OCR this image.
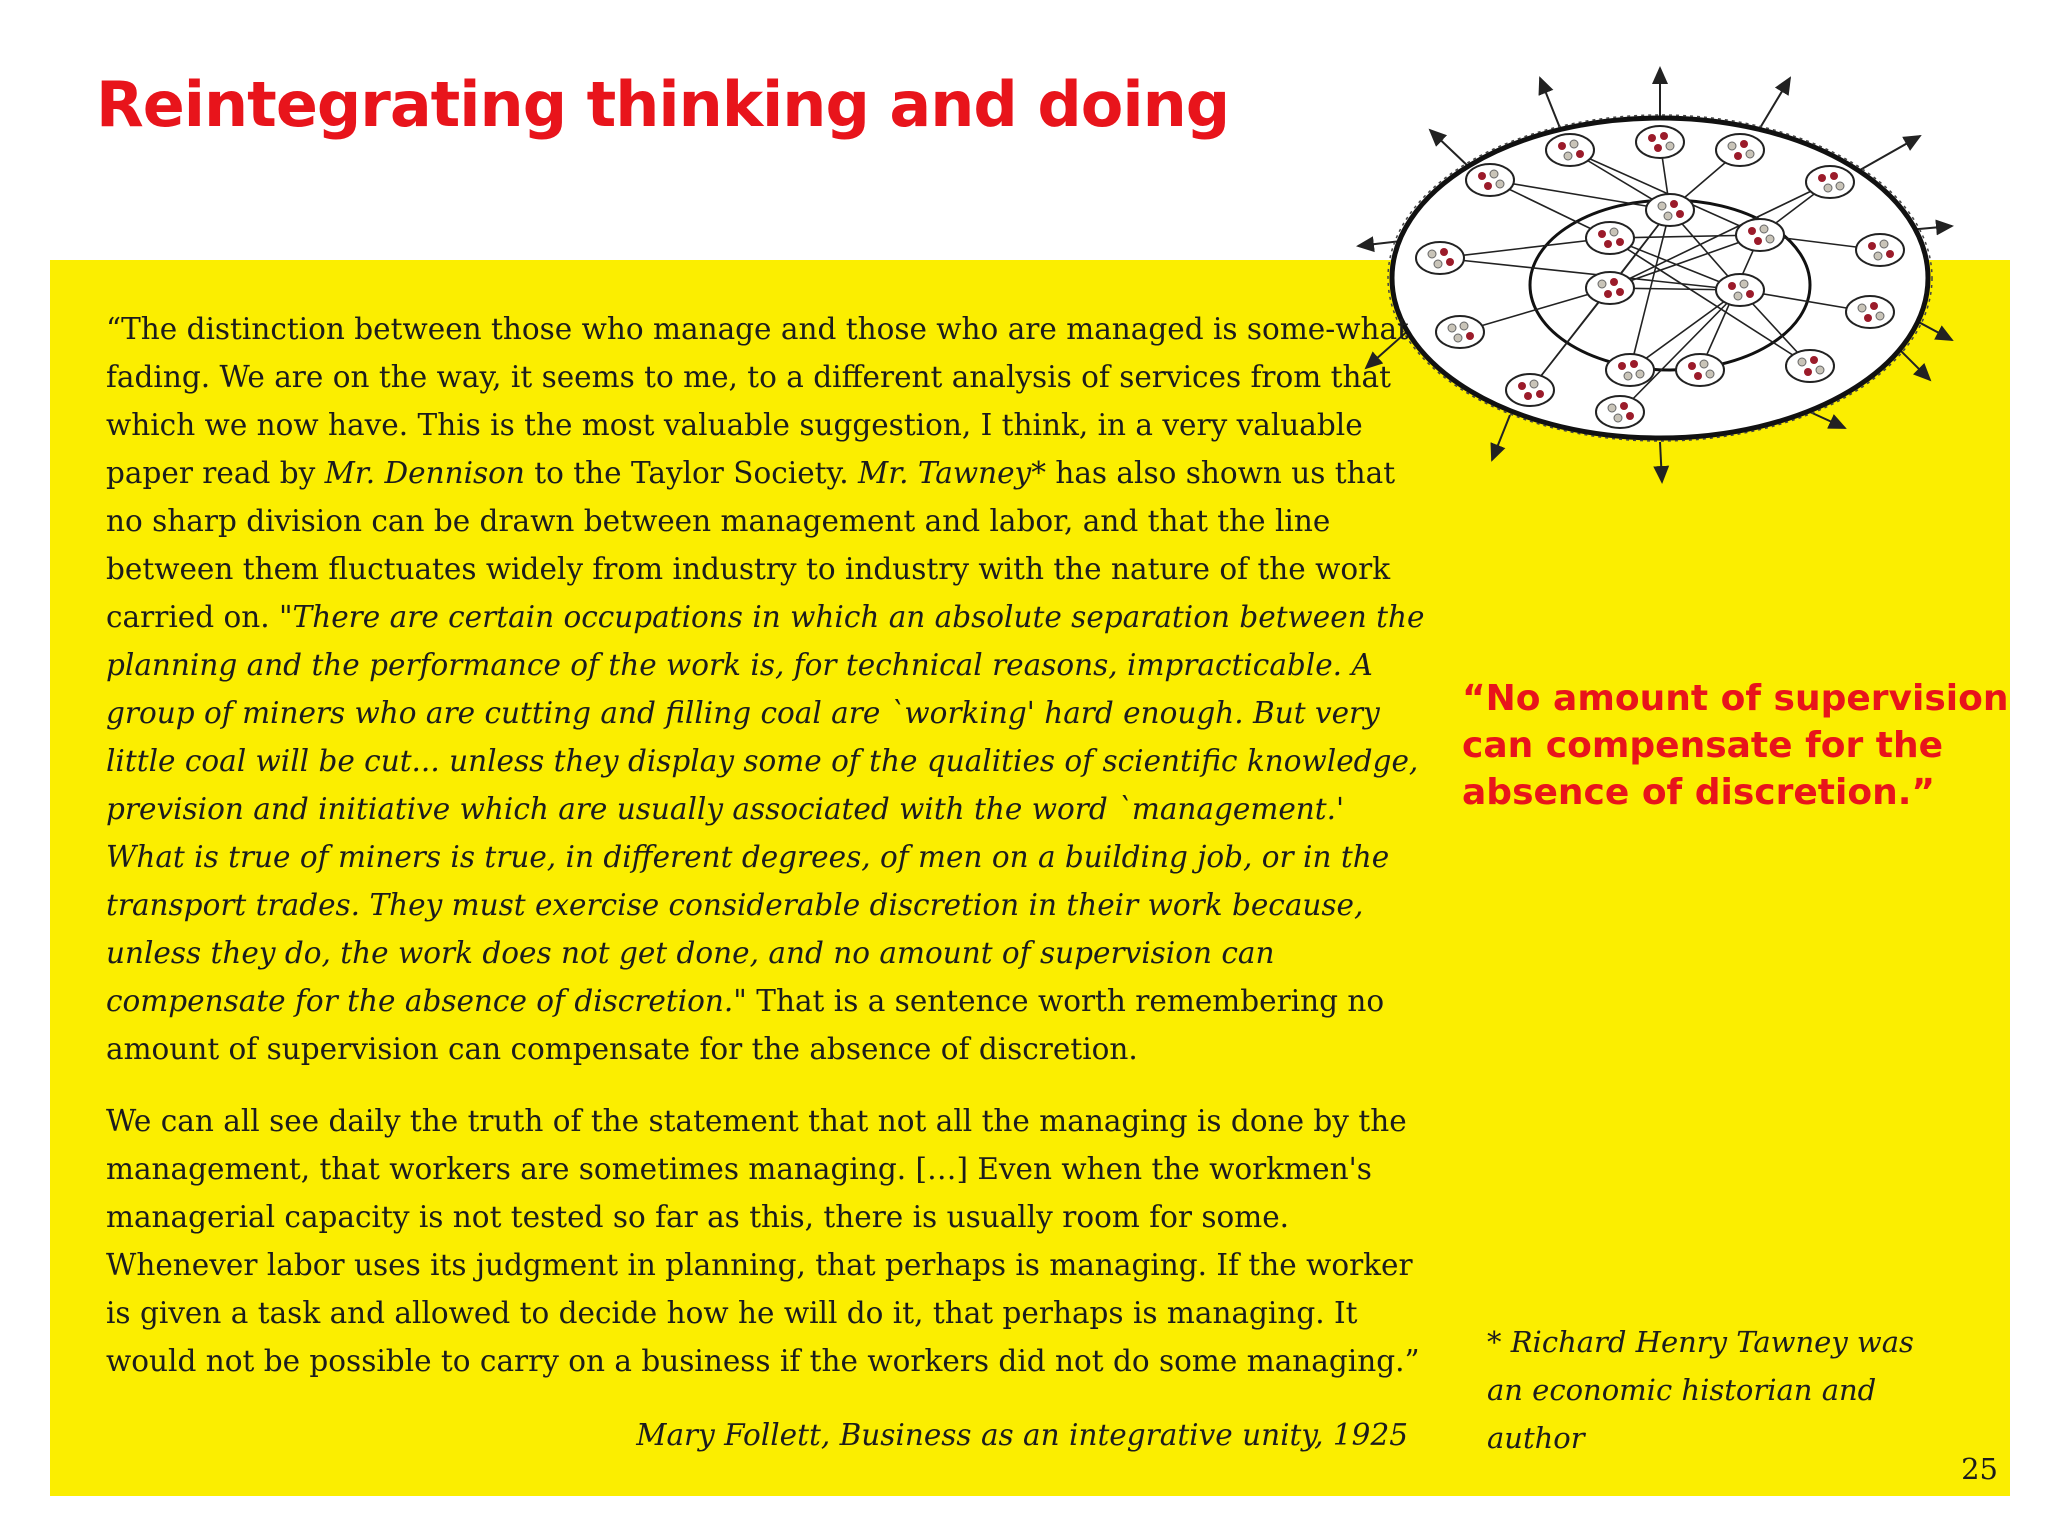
Reintegrating thinking and doing

“The distinction between those who manage and those who are managed is some-what fading. We are on the way, it seems to me, to a different analysis of services from that which we now have. This is the most valuable suggestion, I think, in a very valuable paper read by Mr. Dennison to the Taylor Society. Mr. Tawney* has also shown us that no sharp division can be drawn between management and labor, and that the line between them fluctuates widely from industry to industry with the nature of the work carried on. "There are certain occupations in which an absolute separation between the planning and the performance of the work is, for technical reasons, impracticable. A group of miners who are cutting and filling coal are `working' hard enough. But very little coal will be cut... unless they display some of the qualities of scientific knowledge, prevision and initiative which are usually associated with the word `management.' What is true of miners is true, in different degrees, of men on a building job, or in the transport trades. They must exercise considerable discretion in their work because, unless they do, the work does not get done, and no amount of supervision can compensate for the absence of discretion." That is a sentence worth remembering no amount of supervision can compensate for the absence of discretion.

We can all see daily the truth of the statement that not all the managing is done by the management, that workers are sometimes managing. […] Even when the workmen's managerial capacity is not tested so far as this, there is usually room for some. Whenever labor uses its judgment in planning, that perhaps is managing. If the worker is given a task and allowed to decide how he will do it, that perhaps is managing. It would not be possible to carry on a business if the workers did not do some managing.”

Mary Follett, Business as an integrative unity, 1925

“No amount of supervision can compensate for the absence of discretion.”

* Richard Henry Tawney was an economic historian and author

25
